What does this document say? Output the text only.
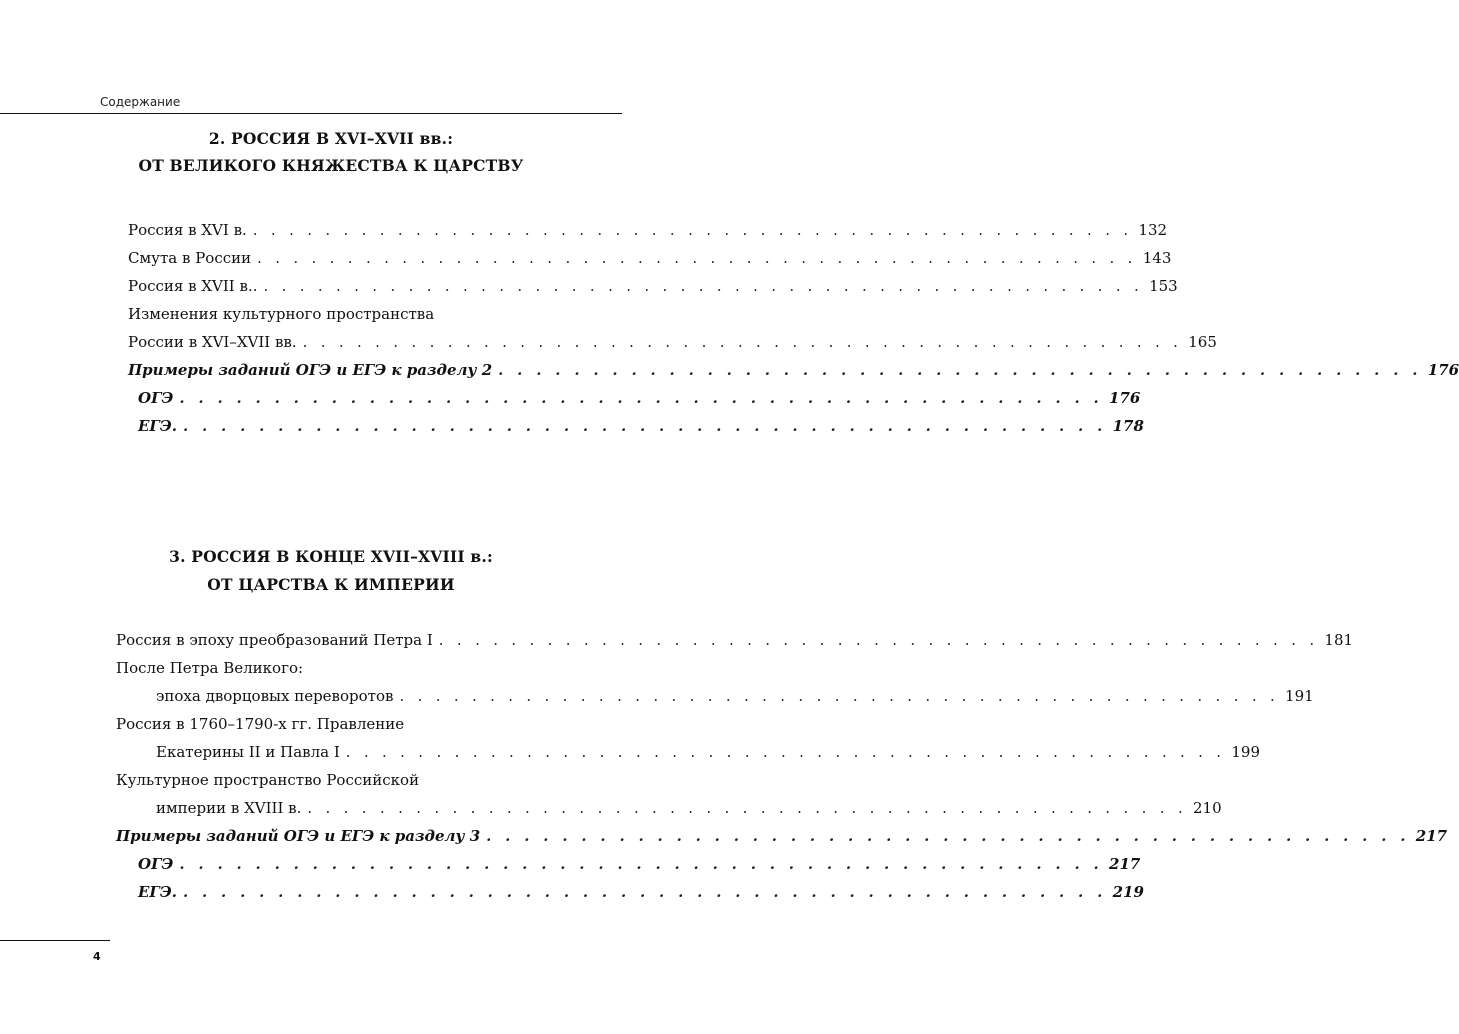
Содержание
2. РОССИЯ В XVI–XVII вв.:
ОТ ВЕЛИКОГО КНЯЖЕСТВА К ЦАРСТВУ
Россия в XVI в. . . . . . . . . . . . . . . . . . . . . . . . . . . . . . . . . . . . . . . . . . . . . . . . . . 132
Смута в России . . . . . . . . . . . . . . . . . . . . . . . . . . . . . . . . . . . . . . . . . . . . . . . . . 143
Россия в XVII в.. . . . . . . . . . . . . . . . . . . . . . . . . . . . . . . . . . . . . . . . . . . . . . . . . . 153
Изменения культурного пространства
России в XVI–XVII вв. . . . . . . . . . . . . . . . . . . . . . . . . . . . . . . . . . . . . . . . . . . . . . . . . . 165
Примеры заданий ОГЭ и ЕГЭ к разделу 2 . . . . . . . . . . . . . . . . . . . . . . . . . . . . . . . . . . . . . . . . . . . . . . . . . 176
ОГЭ . . . . . . . . . . . . . . . . . . . . . . . . . . . . . . . . . . . . . . . . . . . . . . . . . 176
ЕГЭ. . . . . . . . . . . . . . . . . . . . . . . . . . . . . . . . . . . . . . . . . . . . . . . . . . 178
3. РОССИЯ В КОНЦЕ XVII–XVIII в.:
ОТ ЦАРСТВА К ИМПЕРИИ
Россия в эпоху преобразований Петра I . . . . . . . . . . . . . . . . . . . . . . . . . . . . . . . . . . . . . . . . . . . . . . . . . 181
После Петра Великого:
эпоха дворцовых переворотов . . . . . . . . . . . . . . . . . . . . . . . . . . . . . . . . . . . . . . . . . . . . . . . . . 191
Россия в 1760–1790-х гг. Правление
Екатерины II и Павла I . . . . . . . . . . . . . . . . . . . . . . . . . . . . . . . . . . . . . . . . . . . . . . . . . 199
Культурное пространство Российской
империи в XVIII в. . . . . . . . . . . . . . . . . . . . . . . . . . . . . . . . . . . . . . . . . . . . . . . . . . 210
Примеры заданий ОГЭ и ЕГЭ к разделу 3 . . . . . . . . . . . . . . . . . . . . . . . . . . . . . . . . . . . . . . . . . . . . . . . . . 217
ОГЭ . . . . . . . . . . . . . . . . . . . . . . . . . . . . . . . . . . . . . . . . . . . . . . . . . 217
ЕГЭ. . . . . . . . . . . . . . . . . . . . . . . . . . . . . . . . . . . . . . . . . . . . . . . . . . 219
4
